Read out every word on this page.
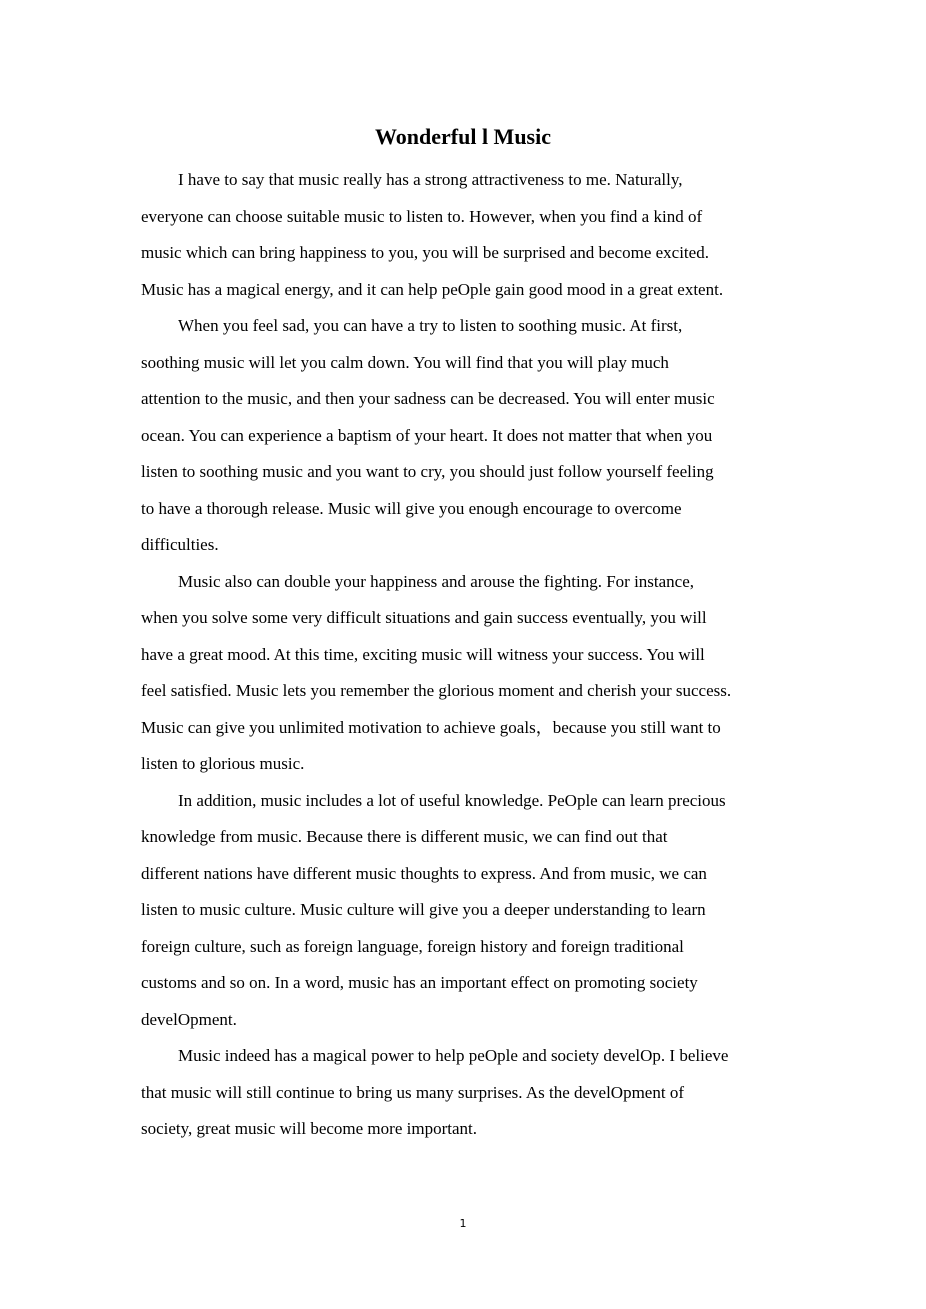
Wonderful l Music
I have to say that music really has a strong attractiveness to me. Naturally,
everyone can choose suitable music to listen to. However, when you find a kind of
music which can bring happiness to you, you will be surprised and become excited.
Music has a magical energy, and it can help peOple gain good mood in a great extent.
When you feel sad, you can have a try to listen to soothing music. At first,
soothing music will let you calm down. You will find that you will play much
attention to the music, and then your sadness can be decreased. You will enter music
ocean. You can experience a baptism of your heart. It does not matter that when you
listen to soothing music and you want to cry, you should just follow yourself feeling
to have a thorough release. Music will give you enough encourage to overcome
difficulties.
Music also can double your happiness and arouse the fighting. For instance,
when you solve some very difficult situations and gain success eventually, you will
have a great mood. At this time, exciting music will witness your success. You will
feel satisfied. Music lets you remember the glorious moment and cherish your success.
Music can give you unlimited motivation to achieve goals，because you still want to
listen to glorious music.
In addition, music includes a lot of useful knowledge. PeOple can learn precious
knowledge from music. Because there is different music, we can find out that
different nations have different music thoughts to express. And from music, we can
listen to music culture. Music culture will give you a deeper understanding to learn
foreign culture, such as foreign language, foreign history and foreign traditional
customs and so on. In a word, music has an important effect on promoting society
develOpment.
Music indeed has a magical power to help peOple and society develOp. I believe
that music will still continue to bring us many surprises. As the develOpment of
society, great music will become more important.
1
